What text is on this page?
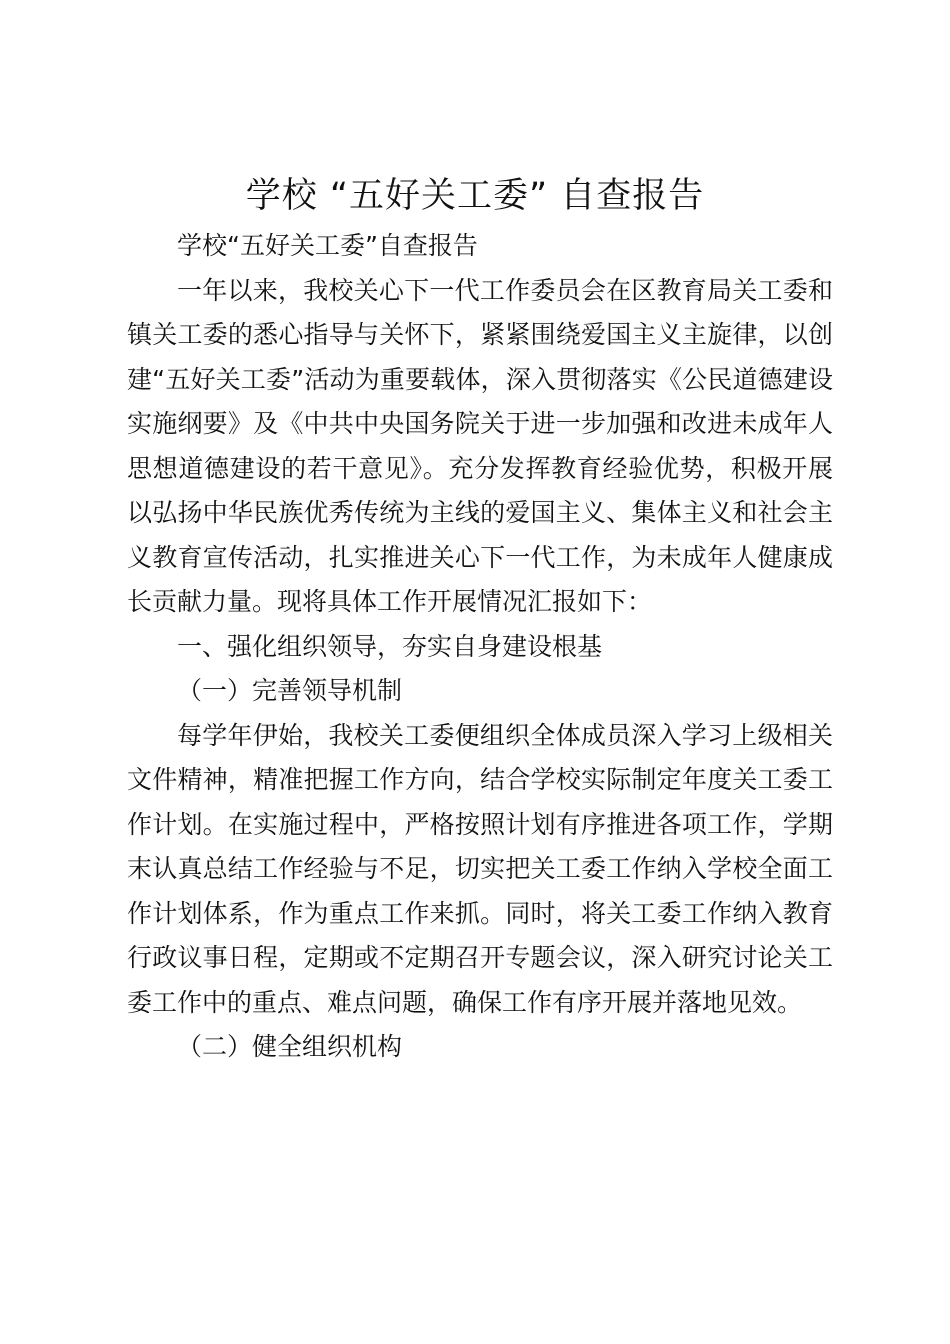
学校 “五好关工委” 自查报告

学校“五好关工委”自查报告

一年以来，我校关心下一代工作委员会在区教育局关工委和镇关工委的悉心指导与关怀下，紧紧围绕爱国主义主旋律，以创建“五好关工委”活动为重要载体，深入贯彻落实《公民道德建设实施纲要》及《中共中央国务院关于进一步加强和改进未成年人思想道德建设的若干意见》。充分发挥教育经验优势，积极开展以弘扬中华民族优秀传统为主线的爱国主义、集体主义和社会主义教育宣传活动，扎实推进关心下一代工作，为未成年人健康成长贡献力量。现将具体工作开展情况汇报如下：

一、强化组织领导，夯实自身建设根基

（一）完善领导机制

每学年伊始，我校关工委便组织全体成员深入学习上级相关文件精神，精准把握工作方向，结合学校实际制定年度关工委工作计划。在实施过程中，严格按照计划有序推进各项工作，学期末认真总结工作经验与不足，切实把关工委工作纳入学校全面工作计划体系，作为重点工作来抓。同时，将关工委工作纳入教育行政议事日程，定期或不定期召开专题会议，深入研究讨论关工委工作中的重点、难点问题，确保工作有序开展并落地见效。

（二）健全组织机构
